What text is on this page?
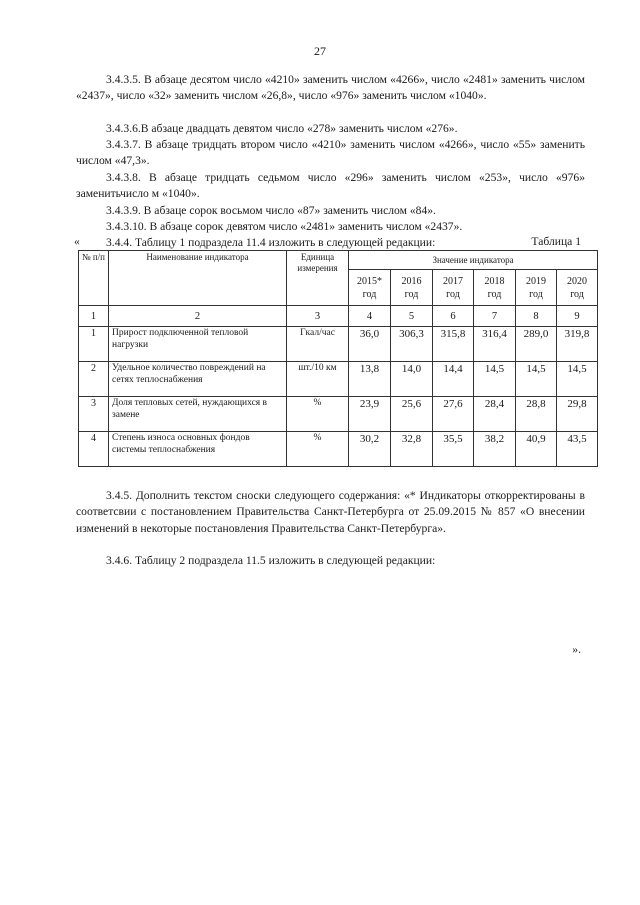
27

3.4.3.5. В абзаце десятом число «4210» заменить числом «4266», число «2481» заменить числом «2437», число «32» заменить числом «26,8», число «976» заменить числом «1040».

3.4.3.6.В абзаце двадцать девятом число «278» заменить числом «276».

3.4.3.7. В абзаце тридцать втором число «4210» заменить числом «4266», число «55» заменить числом «47,3».

3.4.3.8. В абзаце тридцать седьмом число «296» заменить числом «253», число «976» заменитьчисло м «1040».

3.4.3.9. В абзаце сорок восьмом число «87» заменить числом «84».

3.4.3.10. В абзаце сорок девятом число «2481» заменить числом «2437».

3.4.4. Таблицу 1 подраздела 11.4 изложить в следующей редакции:

«	Таблица 1
№ п/п	Наименование индикатора	Единица измерения	Значение индикатора					
			2015* год	2016 год	2017 год	2018 год	2019 год	2020 год
1	2	3	4	5	6	7	8	9
1	Прирост подключенной тепловой нагрузки	Гкал/час	36,0	306,3	315,8	316,4	289,0	319,8
2	Удельное количество повреждений на сетях теплоснабжения	шт./10 км	13,8	14,0	14,4	14,5	14,5	14,5
3	Доля тепловых сетей, нуждающихся в замене	%	23,9	25,6	27,6	28,4	28,8	29,8
4	Степень износа основных фондов системы теплоснабжения	%	30,2	32,8	35,5	38,2	40,9	43,5
».

3.4.5. Дополнить текстом сноски следующего содержания: «* Индикаторы откорректированы в соответсвии с постановлением Правительства Санкт-Петербурга от 25.09.2015 № 857 «О внесении изменений в некоторые постановления Правительства Санкт-Петербурга».

3.4.6. Таблицу 2 подраздела 11.5 изложить в следующей редакции:
